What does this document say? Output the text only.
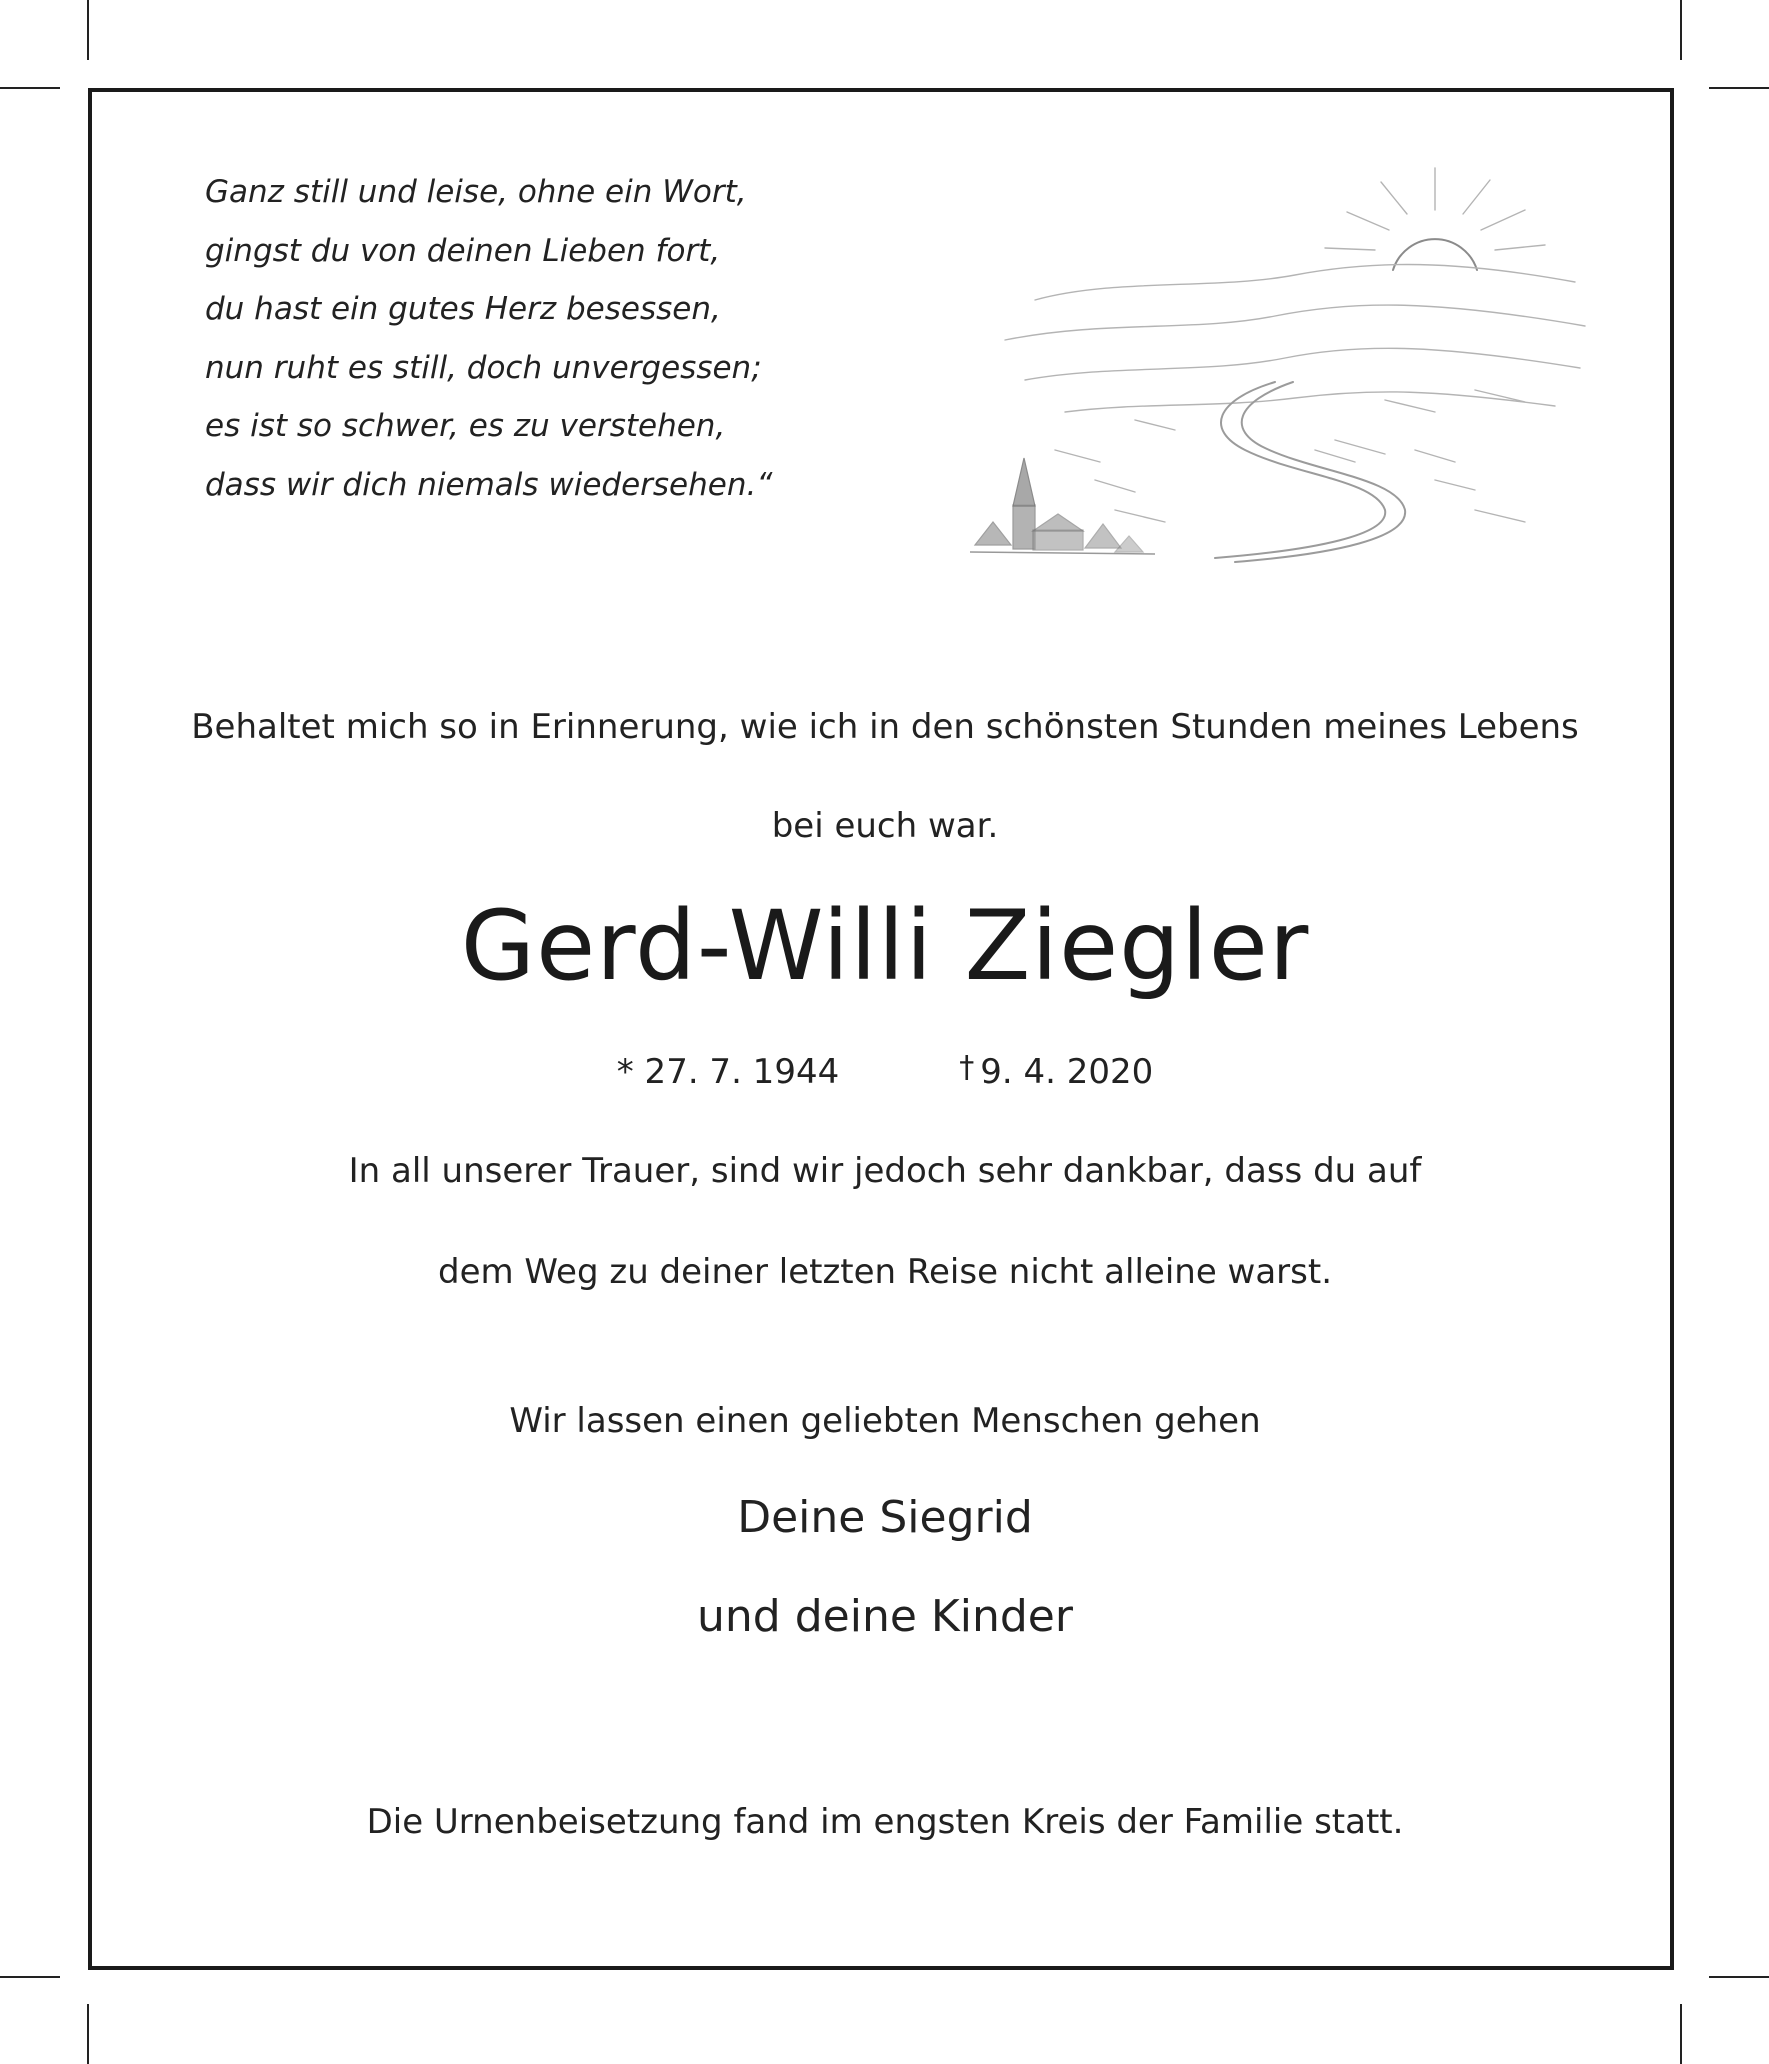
Ganz still und leise, ohne ein Wort,
gingst du von deinen Lieben fort,
du hast ein gutes Herz besessen,
nun ruht es still, doch unvergessen;
es ist so schwer, es zu verstehen,
dass wir dich niemals wiedersehen.“
Behaltet mich so in Erinnerung, wie ich in den schönsten Stunden meines Lebens
bei euch war.
Gerd-Willi Ziegler
* 27. 7. 1944	† 9. 4. 2020
In all unserer Trauer, sind wir jedoch sehr dankbar, dass du auf
dem Weg zu deiner letzten Reise nicht alleine warst.
Wir lassen einen geliebten Menschen gehen
Deine Siegrid
und deine Kinder
Die Urnenbeisetzung fand im engsten Kreis der Familie statt.
